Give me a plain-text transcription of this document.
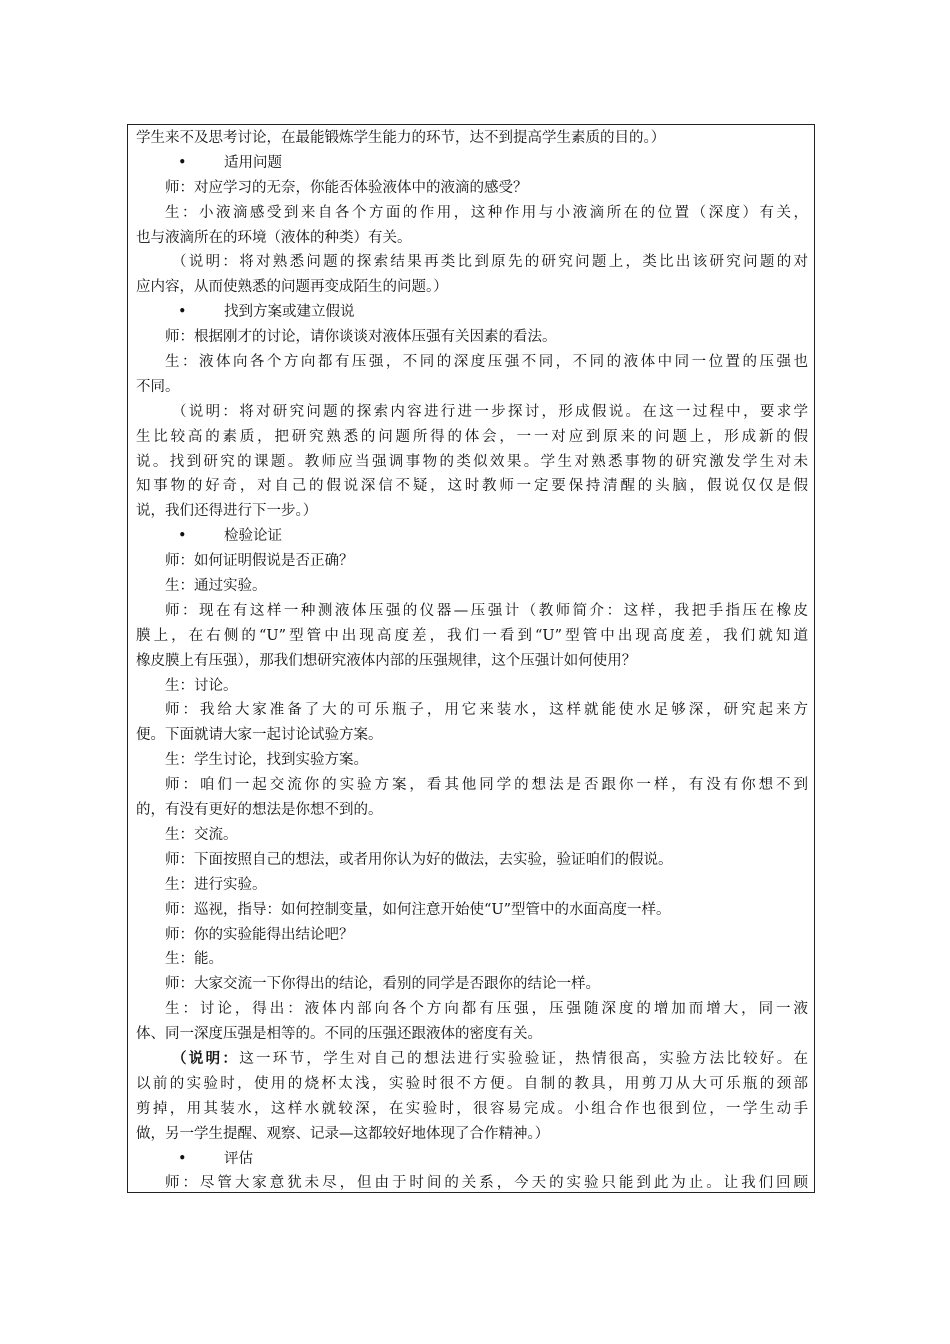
学生来不及思考讨论，在最能锻炼学生能力的环节，达不到提高学生素质的目的。）
•	适用问题
师：对应学习的无奈，你能否体验液体中的液滴的感受？
生：小液滴感受到来自各个方面的作用，这种作用与小液滴所在的位置（深度）有关，
也与液滴所在的环境（液体的种类）有关。
（说明：将对熟悉问题的探索结果再类比到原先的研究问题上，类比出该研究问题的对
应内容，从而使熟悉的问题再变成陌生的问题。）
•	找到方案或建立假说
师：根据刚才的讨论，请你谈谈对液体压强有关因素的看法。
生：液体向各个方向都有压强，不同的深度压强不同，不同的液体中同一位置的压强也
不同。
（说明：将对研究问题的探索内容进行进一步探讨，形成假说。在这一过程中，要求学
生比较高的素质，把研究熟悉的问题所得的体会，一一对应到原来的问题上，形成新的假
说。找到研究的课题。教师应当强调事物的类似效果。学生对熟悉事物的研究激发学生对未
知事物的好奇，对自己的假说深信不疑，这时教师一定要保持清醒的头脑，假说仅仅是假
说，我们还得进行下一步。）
•	检验论证
师：如何证明假说是否正确？
生：通过实验。
师：现在有这样一种测液体压强的仪器—压强计（教师简介：这样，我把手指压在橡皮
膜上，在右侧的“U”型管中出现高度差，我们一看到“U”型管中出现高度差，我们就知道
橡皮膜上有压强），那我们想研究液体内部的压强规律，这个压强计如何使用？
生：讨论。
师：我给大家准备了大的可乐瓶子，用它来装水，这样就能使水足够深，研究起来方
便。下面就请大家一起讨论试验方案。
生：学生讨论，找到实验方案。
师：咱们一起交流你的实验方案，看其他同学的想法是否跟你一样，有没有你想不到
的，有没有更好的想法是你想不到的。
生：交流。
师：下面按照自己的想法，或者用你认为好的做法，去实验，验证咱们的假说。
生：进行实验。
师：巡视，指导：如何控制变量，如何注意开始使“U”型管中的水面高度一样。
师：你的实验能得出结论吧？
生：能。
师：大家交流一下你得出的结论，看别的同学是否跟你的结论一样。
生：讨论，得出：液体内部向各个方向都有压强，压强随深度的增加而增大，同一液
体、同一深度压强是相等的。不同的压强还跟液体的密度有关。
（说明：这一环节，学生对自己的想法进行实验验证，热情很高，实验方法比较好。在
以前的实验时，使用的烧杯太浅，实验时很不方便。自制的教具，用剪刀从大可乐瓶的颈部
剪掉，用其装水，这样水就较深，在实验时，很容易完成。小组合作也很到位，一学生动手
做，另一学生提醒、观察、记录—这都较好地体现了合作精神。）
•	评估
师：尽管大家意犹未尽，但由于时间的关系，今天的实验只能到此为止。让我们回顾
